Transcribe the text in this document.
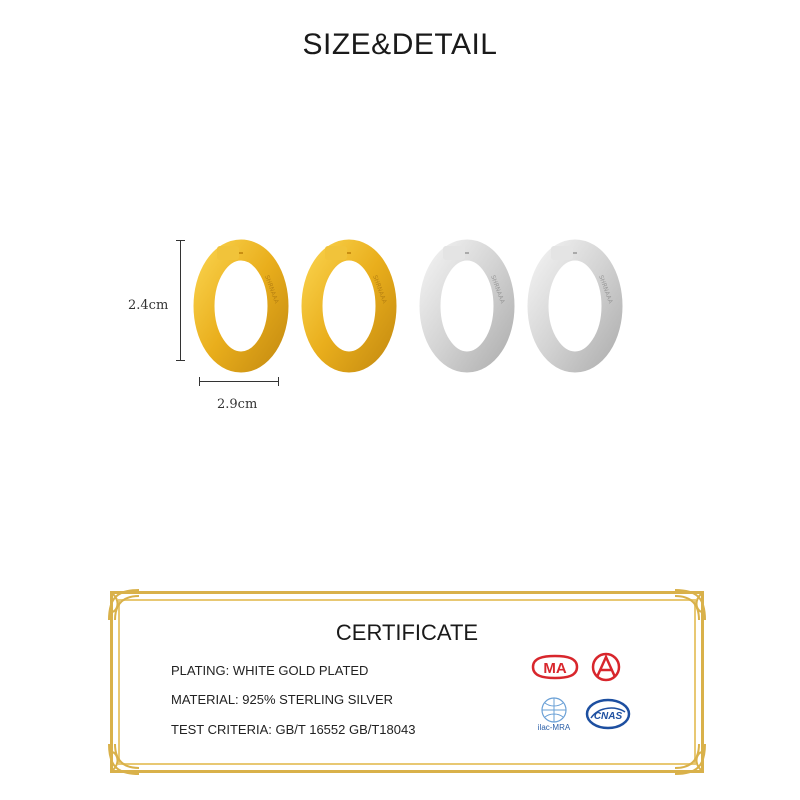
SIZE&DETAIL
2.4cm
2.9cm
SHRNAAA	SHRNAAA	SHRNAAA	SHRNAAA
CERTIFICATE
PLATING: WHITE GOLD PLATED
MATERIAL: 925% STERLING SILVER
TEST CRITERIA: GB/T 16552 GB/T18043
MA
ilac-MRA
CNAS
